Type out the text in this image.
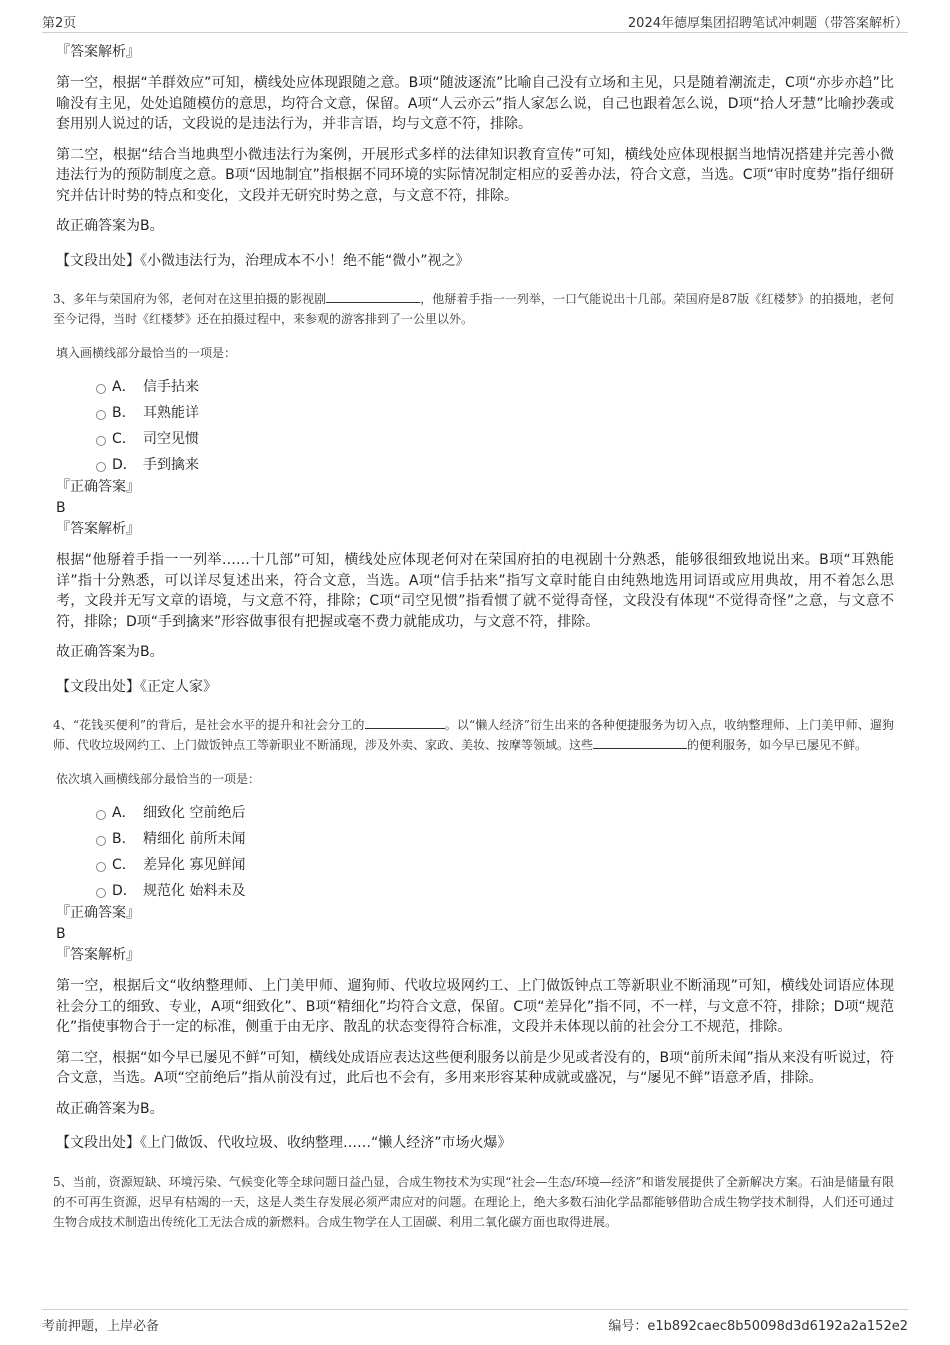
第2页	2024年德厚集团招聘笔试冲刺题（带答案解析）

『答案解析』

第一空，根据“羊群效应”可知，横线处应体现跟随之意。B项“随波逐流”比喻自己没有立场和主见，只是随着潮流走，C项“亦步亦趋”比喻没有主见，处处追随模仿的意思，均符合文意，保留。A项“人云亦云”指人家怎么说，自己也跟着怎么说，D项“拾人牙慧”比喻抄袭或套用别人说过的话，文段说的是违法行为，并非言语，均与文意不符，排除。

第二空，根据“结合当地典型小微违法行为案例，开展形式多样的法律知识教育宣传”可知，横线处应体现根据当地情况搭建并完善小微违法行为的预防制度之意。B项“因地制宜”指根据不同环境的实际情况制定相应的妥善办法，符合文意，当选。C项“审时度势”指仔细研究并估计时势的特点和变化，文段并无研究时势之意，与文意不符，排除。

故正确答案为B。

【文段出处】《小微违法行为，治理成本不小！绝不能“微小”视之》

3、多年与荣国府为邻，老何对在这里拍摄的影视剧	，他掰着手指一一列举，一口气能说出十几部。荣国府是87版《红楼梦》的拍摄地，老何至今记得，当时《红楼梦》还在拍摄过程中，来参观的游客排到了一公里以外。

填入画横线部分最恰当的一项是：

A． 信手拈来
B． 耳熟能详
C． 司空见惯
D． 手到擒来

『正确答案』

B

『答案解析』

根据“他掰着手指一一列举……十几部”可知，横线处应体现老何对在荣国府拍的电视剧十分熟悉，能够很细致地说出来。B项“耳熟能详”指十分熟悉，可以详尽复述出来，符合文意，当选。A项“信手拈来”指写文章时能自由纯熟地选用词语或应用典故，用不着怎么思考，文段并无写文章的语境，与文意不符，排除；C项“司空见惯”指看惯了就不觉得奇怪，文段没有体现“不觉得奇怪”之意，与文意不符，排除；D项“手到擒来”形容做事很有把握或毫不费力就能成功，与文意不符，排除。

故正确答案为B。

【文段出处】《正定人家》

4、“花钱买便利”的背后，是社会水平的提升和社会分工的	。以“懒人经济”衍生出来的各种便捷服务为切入点，收纳整理师、上门美甲师、遛狗师、代收垃圾网约工、上门做饭钟点工等新职业不断涌现，涉及外卖、家政、美妆、按摩等领域。这些	的便利服务，如今早已屡见不鲜。

依次填入画横线部分最恰当的一项是：

A． 细致化 空前绝后
B． 精细化 前所未闻
C． 差异化 寡见鲜闻
D． 规范化 始料未及

『正确答案』

B

『答案解析』

第一空，根据后文“收纳整理师、上门美甲师、遛狗师、代收垃圾网约工、上门做饭钟点工等新职业不断涌现”可知，横线处词语应体现社会分工的细致、专业，A项“细致化”、B项“精细化”均符合文意，保留。C项“差异化”指不同，不一样，与文意不符，排除；D项“规范化”指使事物合于一定的标准，侧重于由无序、散乱的状态变得符合标准，文段并未体现以前的社会分工不规范，排除。

第二空，根据“如今早已屡见不鲜”可知，横线处成语应表达这些便利服务以前是少见或者没有的，B项“前所未闻”指从来没有听说过，符合文意，当选。A项“空前绝后”指从前没有过，此后也不会有，多用来形容某种成就或盛况，与“屡见不鲜”语意矛盾，排除。

故正确答案为B。

【文段出处】《上门做饭、代收垃圾、收纳整理……“懒人经济”市场火爆》

5、当前，资源短缺、环境污染、气候变化等全球问题日益凸显，合成生物技术为实现“社会—生态/环境—经济”和谐发展提供了全新解决方案。石油是储量有限的不可再生资源，迟早有枯竭的一天，这是人类生存发展必须严肃应对的问题。在理论上，绝大多数石油化学品都能够借助合成生物学技术制得，人们还可通过生物合成技术制造出传统化工无法合成的新燃料。合成生物学在人工固碳、利用二氧化碳方面也取得进展。

考前押题，上岸必备	编号：e1b892caec8b50098d3d6192a2a152e2
